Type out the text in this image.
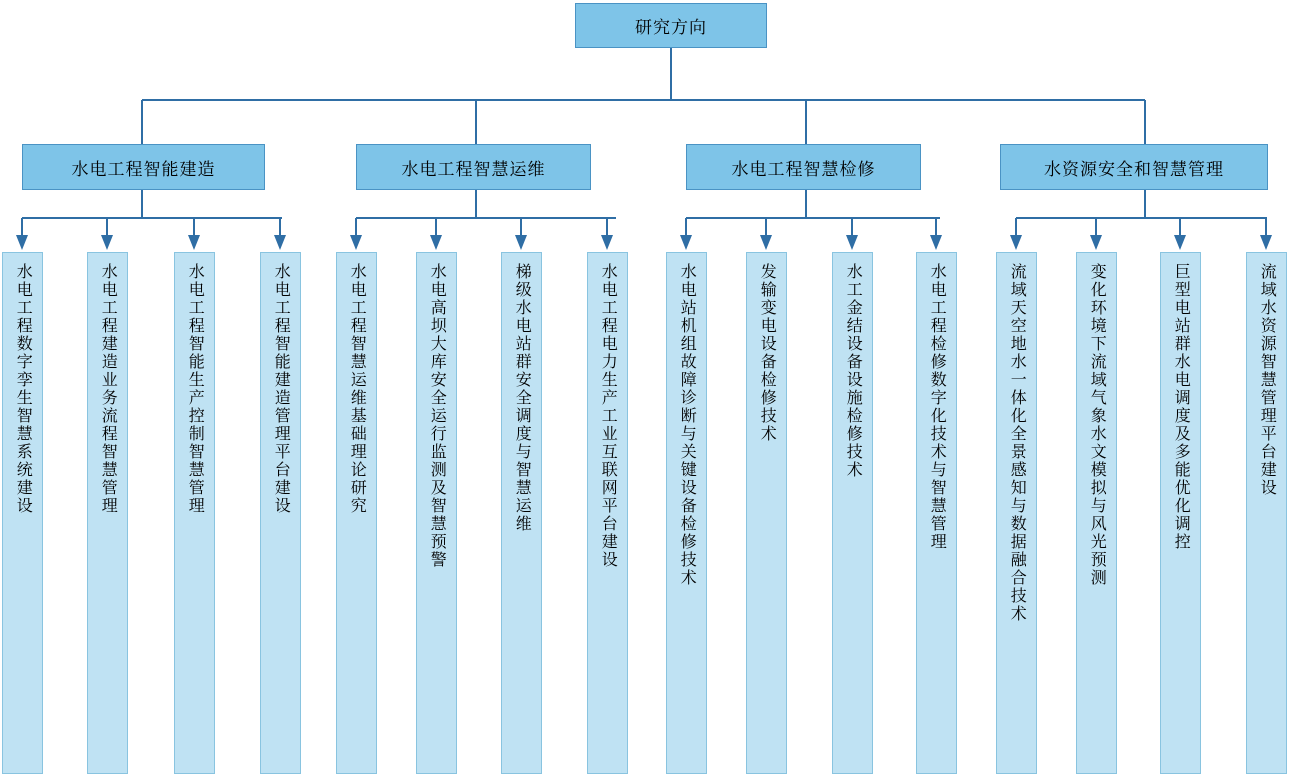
研究方向
水电工程智能建造	水电工程智慧运维	水电工程智慧检修	水资源安全和智慧管理
水电工程数字孪生智慧系统建设	水电工程建造业务流程智慧管理	水电工程智能生产控制智慧管理	水电工程智能建造管理平台建设	水电工程智慧运维基础理论研究	水电高坝大库安全运行监测及智慧预警	梯级水电站群安全调度与智慧运维	水电工程电力生产工业互联网平台建设	水电站机组故障诊断与关键设备检修技术	发输变电设备检修技术	水工金结设备设施检修技术	水电工程检修数字化技术与智慧管理	流域天空地水一体化全景感知与数据融合技术	变化环境下流域气象水文模拟与风光预测	巨型电站群水电调度及多能优化调控	流域水资源智慧管理平台建设
